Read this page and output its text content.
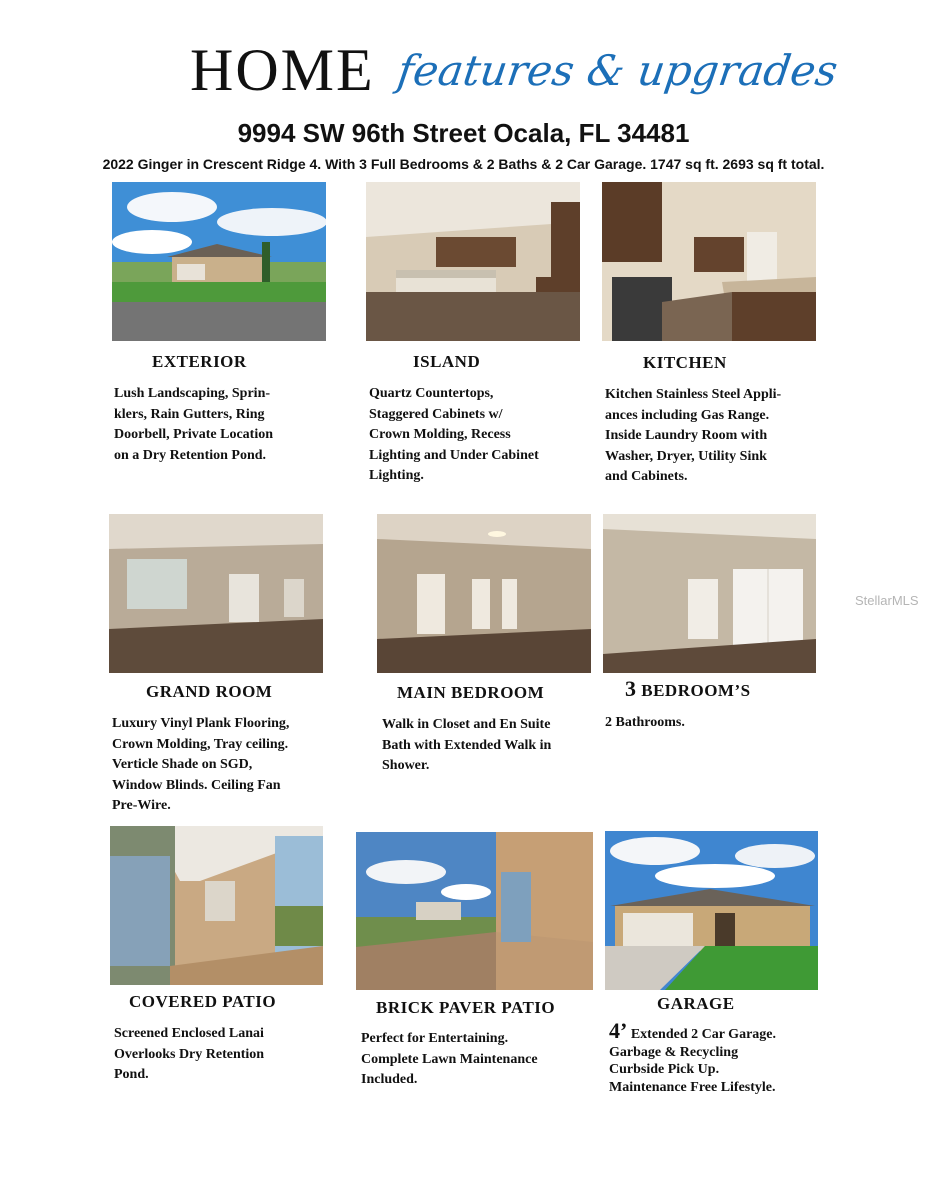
HOME features & upgrades
9994 SW 96th Street Ocala, FL 34481
2022 Ginger in Crescent Ridge 4. With 3 Full Bedrooms & 2 Baths & 2 Car Garage. 1747 sq ft. 2693 sq ft total.
EXTERIOR	ISLAND	KITCHEN
Lush Landscaping, Sprin-
klers, Rain Gutters, Ring
Doorbell, Private Location
on a Dry Retention Pond.
Quartz Countertops,
Staggered Cabinets w/
Crown Molding, Recess
Lighting and Under Cabinet
Lighting.
Kitchen Stainless Steel Appli-
ances including Gas Range.
Inside Laundry Room with
Washer, Dryer, Utility Sink
and Cabinets.
GRAND ROOM	MAIN BEDROOM	3 BEDROOM’S
Luxury Vinyl Plank Flooring,
Crown Molding, Tray ceiling.
Verticle Shade on SGD,
Window Blinds. Ceiling Fan
Pre-Wire.
Walk in Closet and En Suite
Bath with Extended Walk in
Shower.
2 Bathrooms.
COVERED PATIO	BRICK PAVER PATIO	GARAGE
Screened Enclosed Lanai
Overlooks Dry Retention
Pond.
Perfect for Entertaining.
Complete Lawn Maintenance
Included.
4’ Extended 2 Car Garage.
Garbage & Recycling
Curbside Pick Up.
Maintenance Free Lifestyle.
StellarMLS
